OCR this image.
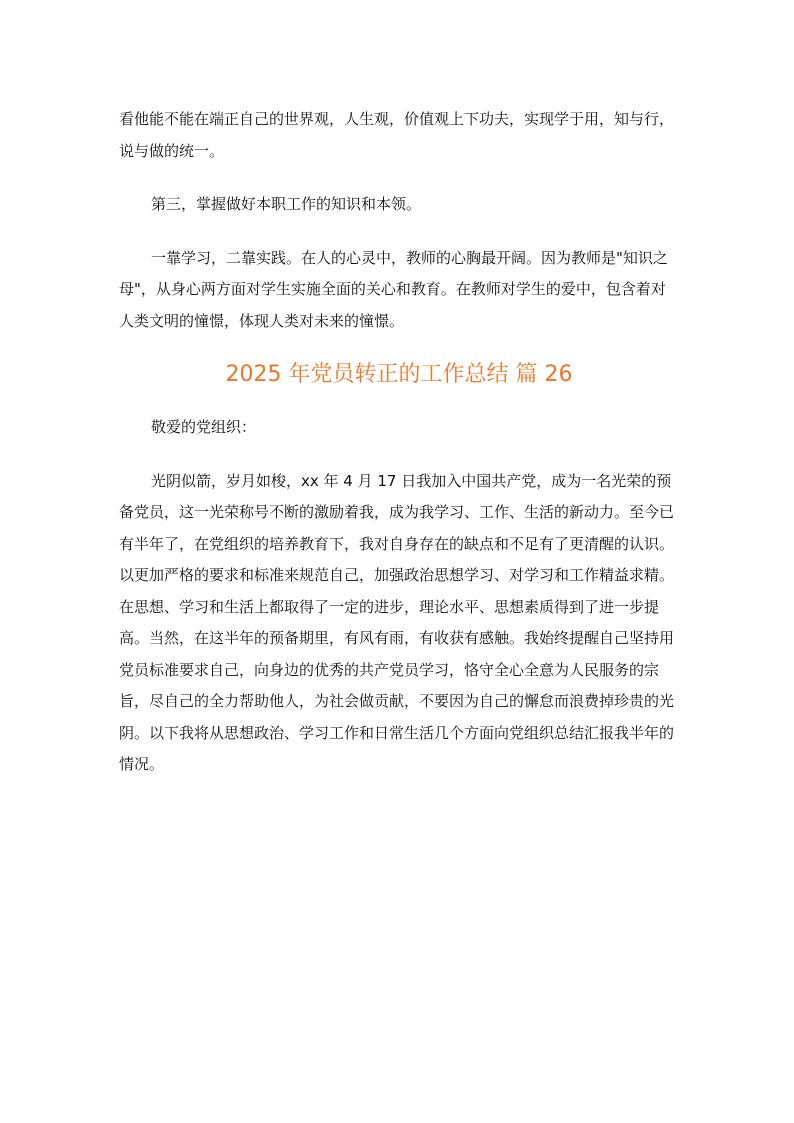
看他能不能在端正自己的世界观，人生观，价值观上下功夫，实现学于用，知与行，说与做的统一。

第三，掌握做好本职工作的知识和本领。

一靠学习，二靠实践。在人的心灵中，教师的心胸最开阔。因为教师是"知识之母"，从身心两方面对学生实施全面的关心和教育。在教师对学生的爱中，包含着对人类文明的憧憬，体现人类对未来的憧憬。

2025 年党员转正的工作总结 篇 26

敬爱的党组织：

光阴似箭，岁月如梭，xx 年 4 月 17 日我加入中国共产党，成为一名光荣的预备党员，这一光荣称号不断的激励着我，成为我学习、工作、生活的新动力。至今已有半年了，在党组织的培养教育下，我对自身存在的缺点和不足有了更清醒的认识。以更加严格的要求和标准来规范自己，加强政治思想学习、对学习和工作精益求精。在思想、学习和生活上都取得了一定的进步，理论水平、思想素质得到了进一步提高。当然，在这半年的预备期里，有风有雨，有收获有感触。我始终提醒自己坚持用党员标准要求自己，向身边的优秀的共产党员学习，恪守全心全意为人民服务的宗旨，尽自己的全力帮助他人，为社会做贡献，不要因为自己的懈怠而浪费掉珍贵的光阴。以下我将从思想政治、学习工作和日常生活几个方面向党组织总结汇报我半年的情况。
